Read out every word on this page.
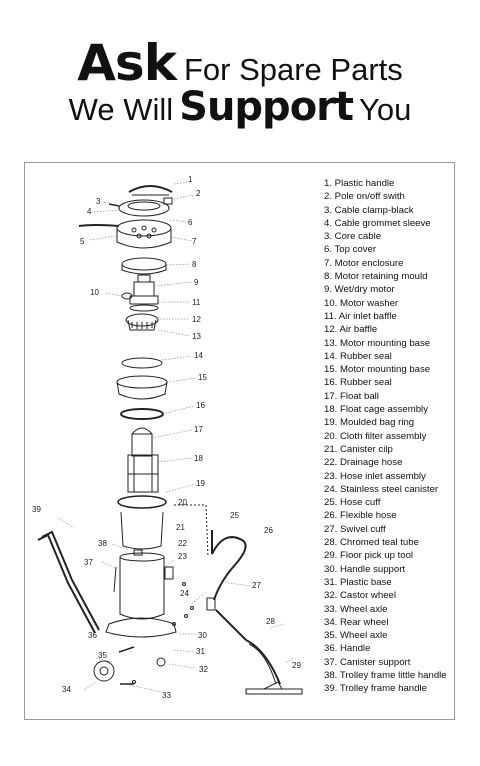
Ask For Spare Parts
We Will Support You
1
2
3
4
5
6
7
8
9
10
11
12
13
14
15
16
17
18
19
20
21
22
23
24
25
26
27
28
29
30
31
32
33
34
35
36
37
38
39
1. Plastic handle
2. Pole on/off swith
3. Cable clamp-black
4. Cable grommet sleeve
3. Core cable
6. Top cover
7. Motor enclosure
8. Motor retaining mould
9. Wet/dry motor
10. Motor washer
11. Air inlet baffle
12. Air baffle
13. Motor mounting base
14. Rubber seal
15. Motor mounting base
16. Rubber seal
17. Float ball
18. Float cage assembly
19. Moulded bag ring
20. Cloth filter assembly
21. Canister cilp
22. Drainage hose
23. Hose inlet assembly
24. Stainless steel canister
25. Hose cuff
26. Flexible hose
27. Swivel cuff
28. Chromed teal tube
29. Floor pick up tool
30. Handle support
31. Plastic base
32. Castor wheel
33. Wheel axle
34. Rear wheel
35. Wheel axle
36. Handle
37. Canister support
38. Trolley frame little handle
39. Trolley frame handle
